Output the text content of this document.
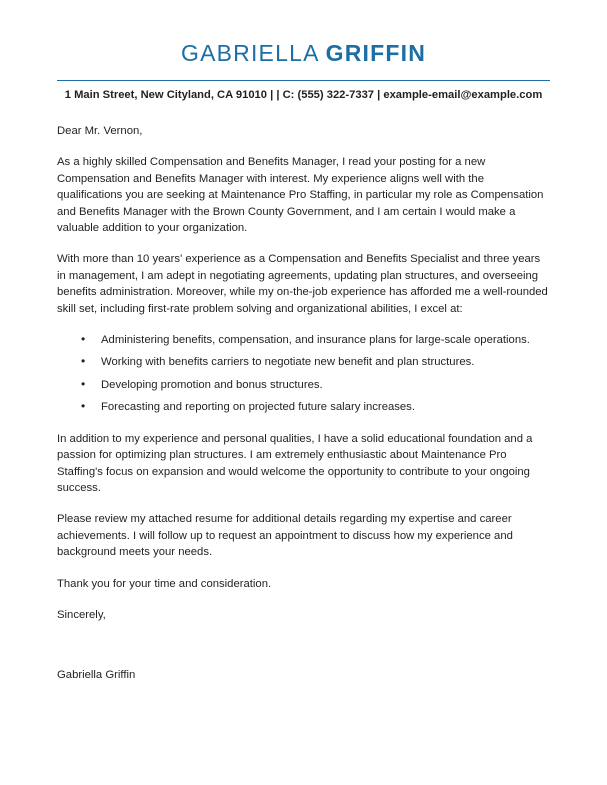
GABRIELLA GRIFFIN
1 Main Street, New Cityland, CA 91010 | | C: (555) 322-7337 | example-email@example.com

Dear Mr. Vernon,

As a highly skilled Compensation and Benefits Manager, I read your posting for a new Compensation and Benefits Manager with interest. My experience aligns well with the qualifications you are seeking at Maintenance Pro Staffing, in particular my role as Compensation and Benefits Manager with the Brown County Government, and I am certain I would make a valuable addition to your organization.

With more than 10 years' experience as a Compensation and Benefits Specialist and three years in management, I am adept in negotiating agreements, updating plan structures, and overseeing benefits administration. Moreover, while my on-the-job experience has afforded me a well-rounded skill set, including first-rate problem solving and organizational abilities, I excel at:

• Administering benefits, compensation, and insurance plans for large-scale operations.
• Working with benefits carriers to negotiate new benefit and plan structures.
• Developing promotion and bonus structures.
• Forecasting and reporting on projected future salary increases.

In addition to my experience and personal qualities, I have a solid educational foundation and a passion for optimizing plan structures. I am extremely enthusiastic about Maintenance Pro Staffing's focus on expansion and would welcome the opportunity to contribute to your ongoing success.

Please review my attached resume for additional details regarding my expertise and career achievements. I will follow up to request an appointment to discuss how my experience and background meets your needs.

Thank you for your time and consideration.

Sincerely,

Gabriella Griffin
